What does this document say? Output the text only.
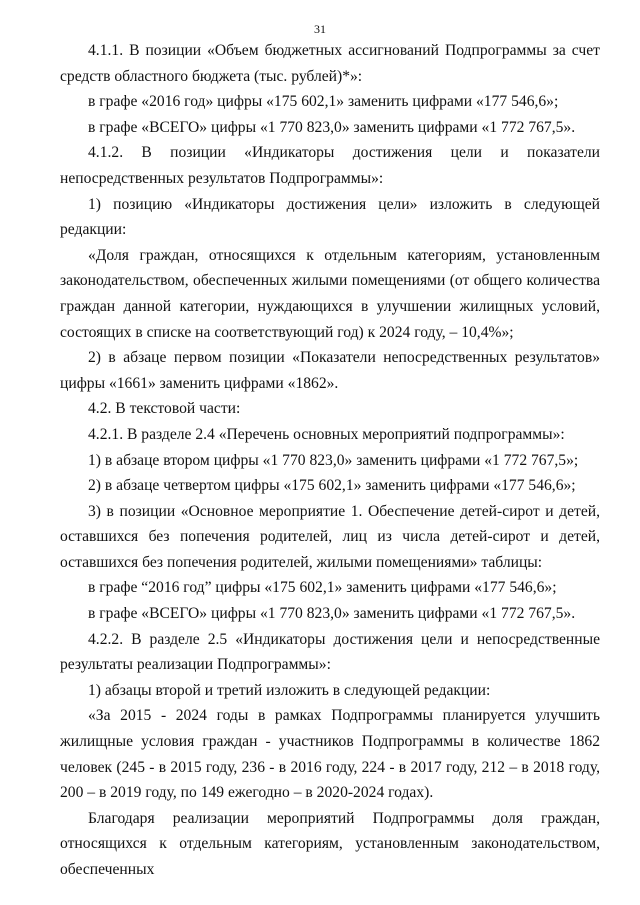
31

4.1.1. В позиции «Объем бюджетных ассигнований Подпрограммы за счет средств областного бюджета (тыс. рублей)*»:

в графе «2016 год» цифры «175 602,1» заменить цифрами «177 546,6»;

в графе «ВСЕГО» цифры «1 770 823,0» заменить цифрами «1 772 767,5».

4.1.2. В позиции «Индикаторы достижения цели и показатели непосредственных результатов Подпрограммы»:

1) позицию «Индикаторы достижения цели» изложить в следующей редакции:

«Доля граждан, относящихся к отдельным категориям, установленным законодательством, обеспеченных жилыми помещениями (от общего количества граждан данной категории, нуждающихся в улучшении жилищных условий, состоящих в списке на соответствующий год) к 2024 году, – 10,4%»;

2) в абзаце первом позиции «Показатели непосредственных результатов» цифры «1661» заменить цифрами «1862».

4.2. В текстовой части:

4.2.1. В разделе 2.4 «Перечень основных мероприятий подпрограммы»:

1) в абзаце втором цифры «1 770 823,0» заменить цифрами «1 772 767,5»;

2) в абзаце четвертом цифры «175 602,1» заменить цифрами «177 546,6»;

3) в позиции «Основное мероприятие 1. Обеспечение детей-сирот и детей, оставшихся без попечения родителей, лиц из числа детей-сирот и детей, оставшихся без попечения родителей, жилыми помещениями» таблицы:

в графе “2016 год” цифры «175 602,1» заменить цифрами «177 546,6»;

в графе «ВСЕГО» цифры «1 770 823,0» заменить цифрами «1 772 767,5».

4.2.2. В разделе 2.5 «Индикаторы достижения цели и непосредственные результаты реализации Подпрограммы»:

1) абзацы второй и третий изложить в следующей редакции:

«За 2015 - 2024 годы в рамках Подпрограммы планируется улучшить жилищные условия граждан - участников Подпрограммы в количестве 1862 человек (245 - в 2015 году, 236 - в 2016 году, 224 - в 2017 году, 212 – в 2018 году, 200 – в 2019 году, по 149 ежегодно – в 2020-2024 годах).

Благодаря реализации мероприятий Подпрограммы доля граждан, относящихся к отдельным категориям, установленным законодательством, обеспеченных
